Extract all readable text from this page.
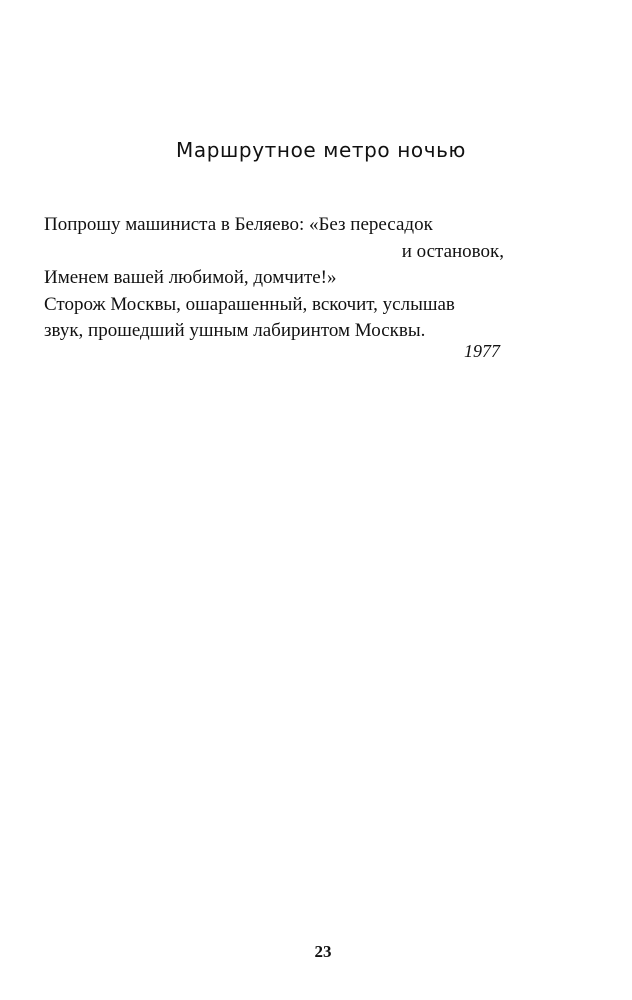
Маршрутное метро ночью
Попрошу машиниста в Беляево: «Без пересадок
и остановок,
Именем вашей любимой, домчите!»
Сторож Москвы, ошарашенный, вскочит, услышав
звук, прошедший ушным лабиринтом Москвы.
1977
23
